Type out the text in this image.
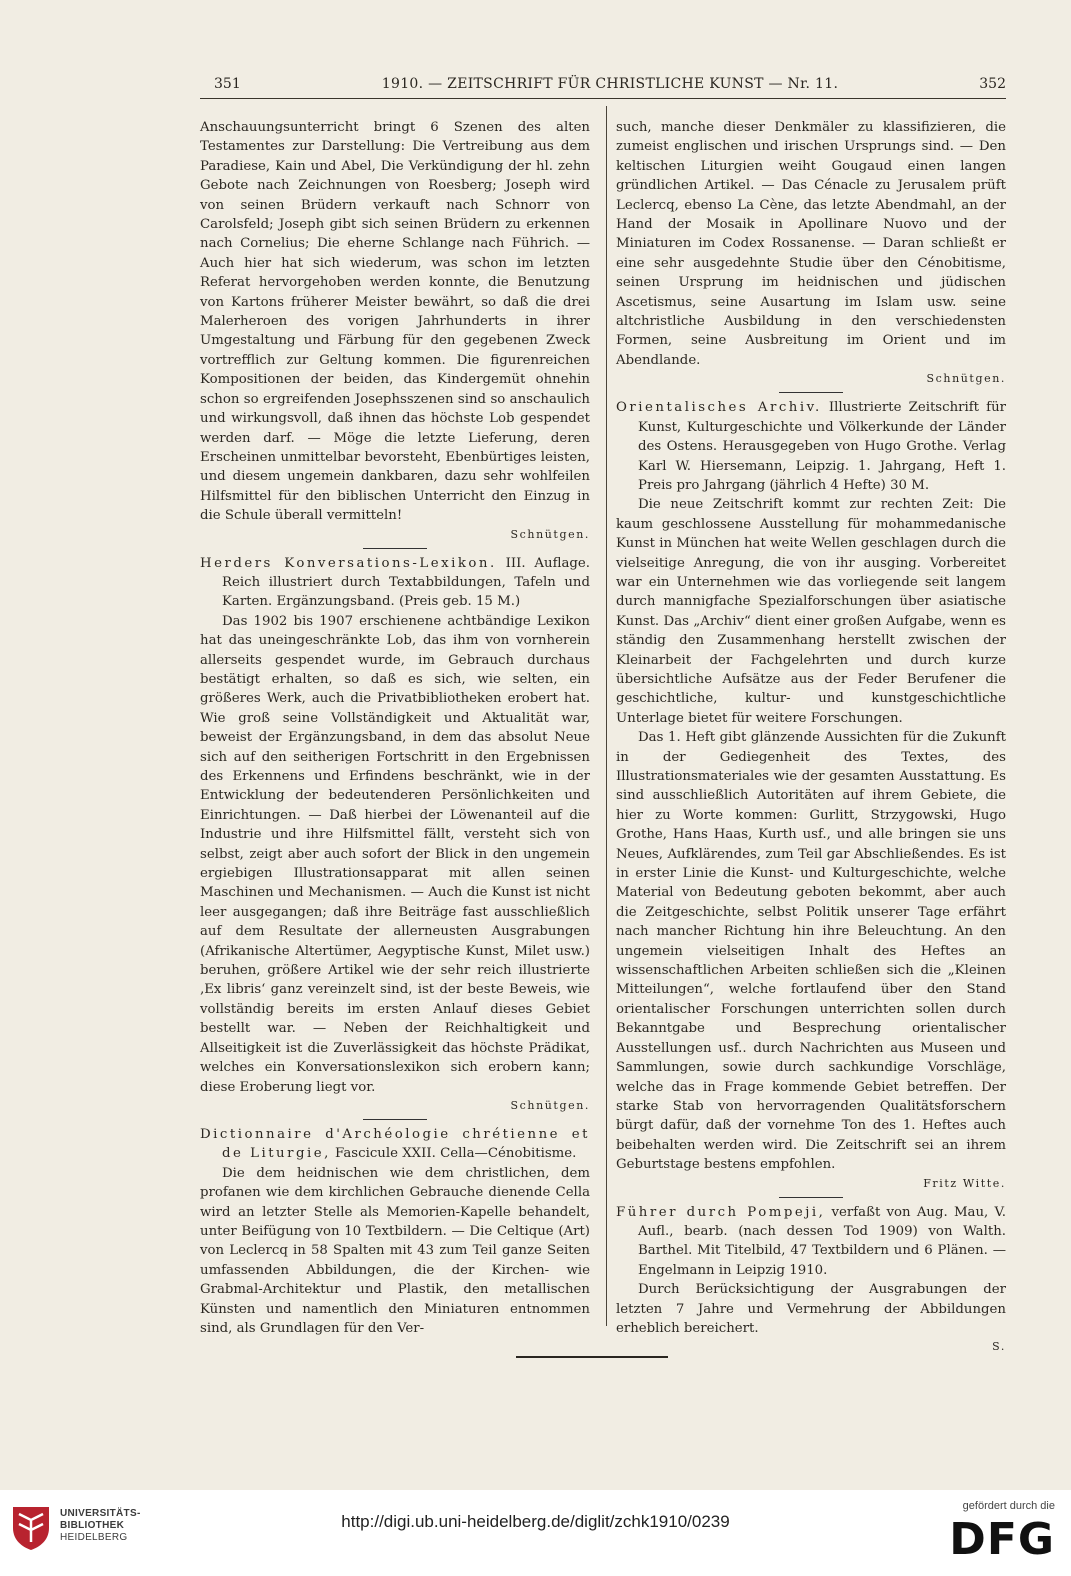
351	1910. — ZEITSCHRIFT FÜR CHRISTLICHE KUNST — Nr. 11.	352

Anschauungsunterricht bringt 6 Szenen des alten Testamentes zur Darstellung: Die Vertreibung aus dem Paradiese, Kain und Abel, Die Verkündigung der hl. zehn Gebote nach Zeichnungen von Roesberg; Joseph wird von seinen Brüdern verkauft nach Schnorr von Carolsfeld; Joseph gibt sich seinen Brüdern zu erkennen nach Cornelius; Die eherne Schlange nach Führich. — Auch hier hat sich wiederum, was schon im letzten Referat hervorgehoben werden konnte, die Benutzung von Kartons früherer Meister bewährt, so daß die drei Malerheroen des vorigen Jahrhunderts in ihrer Umgestaltung und Färbung für den gegebenen Zweck vortrefflich zur Geltung kommen. Die figurenreichen Kompositionen der beiden, das Kindergemüt ohnehin schon so ergreifenden Josephsszenen sind so anschaulich und wirkungsvoll, daß ihnen das höchste Lob gespendet werden darf. — Möge die letzte Lieferung, deren Erscheinen unmittelbar bevorsteht, Ebenbürtiges leisten, und diesem ungemein dankbaren, dazu sehr wohlfeilen Hilfsmittel für den biblischen Unterricht den Einzug in die Schule überall vermitteln!

Schnütgen.

Herders Konversations-Lexikon. III. Auflage. Reich illustriert durch Textabbildungen, Tafeln und Karten. Ergänzungsband. (Preis geb. 15 M.)

Das 1902 bis 1907 erschienene achtbändige Lexikon hat das uneingeschränkte Lob, das ihm von vornherein allerseits gespendet wurde, im Gebrauch durchaus bestätigt erhalten, so daß es sich, wie selten, ein größeres Werk, auch die Privatbibliotheken erobert hat. Wie groß seine Vollständigkeit und Aktualität war, beweist der Ergänzungsband, in dem das absolut Neue sich auf den seitherigen Fortschritt in den Ergebnissen des Erkennens und Erfindens beschränkt, wie in der Entwicklung der bedeutenderen Persönlichkeiten und Einrichtungen. — Daß hierbei der Löwenanteil auf die Industrie und ihre Hilfsmittel fällt, versteht sich von selbst, zeigt aber auch sofort der Blick in den ungemein ergiebigen Illustrationsapparat mit allen seinen Maschinen und Mechanismen. — Auch die Kunst ist nicht leer ausgegangen; daß ihre Beiträge fast ausschließlich auf dem Resultate der allerneusten Ausgrabungen (Afrikanische Altertümer, Aegyptische Kunst, Milet usw.) beruhen, größere Artikel wie der sehr reich illustrierte ‚Ex libris‘ ganz vereinzelt sind, ist der beste Beweis, wie vollständig bereits im ersten Anlauf dieses Gebiet bestellt war. — Neben der Reichhaltigkeit und Allseitigkeit ist die Zuverlässigkeit das höchste Prädikat, welches ein Konversationslexikon sich erobern kann; diese Eroberung liegt vor.

Schnütgen.

Dictionnaire d'Archéologie chrétienne et de Liturgie, Fascicule XXII. Cella—Cénobitisme.

Die dem heidnischen wie dem christlichen, dem profanen wie dem kirchlichen Gebrauche dienende Cella wird an letzter Stelle als Memorien-Kapelle behandelt, unter Beifügung von 10 Textbildern. — Die Celtique (Art) von Leclercq in 58 Spalten mit 43 zum Teil ganze Seiten umfassenden Abbildungen, die der Kirchen- wie Grabmal-Architektur und Plastik, den metallischen Künsten und namentlich den Miniaturen entnommen sind, als Grundlagen für den Ver-

such, manche dieser Denkmäler zu klassifizieren, die zumeist englischen und irischen Ursprungs sind. — Den keltischen Liturgien weiht Gougaud einen langen gründlichen Artikel. — Das Cénacle zu Jerusalem prüft Leclercq, ebenso La Cène, das letzte Abendmahl, an der Hand der Mosaik in Apollinare Nuovo und der Miniaturen im Codex Rossanense. — Daran schließt er eine sehr ausgedehnte Studie über den Cénobitisme, seinen Ursprung im heidnischen und jüdischen Ascetismus, seine Ausartung im Islam usw. seine altchristliche Ausbildung in den verschiedensten Formen, seine Ausbreitung im Orient und im Abendlande.

Schnütgen.

Orientalisches Archiv. Illustrierte Zeitschrift für Kunst, Kulturgeschichte und Völkerkunde der Länder des Ostens. Herausgegeben von Hugo Grothe. Verlag Karl W. Hiersemann, Leipzig. 1. Jahrgang, Heft 1. Preis pro Jahrgang (jährlich 4 Hefte) 30 M.

Die neue Zeitschrift kommt zur rechten Zeit: Die kaum geschlossene Ausstellung für mohammedanische Kunst in München hat weite Wellen geschlagen durch die vielseitige Anregung, die von ihr ausging. Vorbereitet war ein Unternehmen wie das vorliegende seit langem durch mannigfache Spezialforschungen über asiatische Kunst. Das „Archiv“ dient einer großen Aufgabe, wenn es ständig den Zusammenhang herstellt zwischen der Kleinarbeit der Fachgelehrten und durch kurze übersichtliche Aufsätze aus der Feder Berufener die geschichtliche, kultur- und kunstgeschichtliche Unterlage bietet für weitere Forschungen.

Das 1. Heft gibt glänzende Aussichten für die Zukunft in der Gediegenheit des Textes, des Illustrationsmateriales wie der gesamten Ausstattung. Es sind ausschließlich Autoritäten auf ihrem Gebiete, die hier zu Worte kommen: Gurlitt, Strzygowski, Hugo Grothe, Hans Haas, Kurth usf., und alle bringen sie uns Neues, Aufklärendes, zum Teil gar Abschließendes. Es ist in erster Linie die Kunst- und Kulturgeschichte, welche Material von Bedeutung geboten bekommt, aber auch die Zeitgeschichte, selbst Politik unserer Tage erfährt nach mancher Richtung hin ihre Beleuchtung. An den ungemein vielseitigen Inhalt des Heftes an wissenschaftlichen Arbeiten schließen sich die „Kleinen Mitteilungen“, welche fortlaufend über den Stand orientalischer Forschungen unterrichten sollen durch Bekanntgabe und Besprechung orientalischer Ausstellungen usf.. durch Nachrichten aus Museen und Sammlungen, sowie durch sachkundige Vorschläge, welche das in Frage kommende Gebiet betreffen. Der starke Stab von hervorragenden Qualitätsforschern bürgt dafür, daß der vornehme Ton des 1. Heftes auch beibehalten werden wird. Die Zeitschrift sei an ihrem Geburtstage bestens empfohlen.

Fritz Witte.

Führer durch Pompeji, verfaßt von Aug. Mau, V. Aufl., bearb. (nach dessen Tod 1909) von Walth. Barthel. Mit Titelbild, 47 Textbildern und 6 Plänen. — Engelmann in Leipzig 1910.

Durch Berücksichtigung der Ausgrabungen der letzten 7 Jahre und Vermehrung der Abbildungen erheblich bereichert.

S.

UNIVERSITÄTS-
BIBLIOTHEK
HEIDELBERG
http://digi.ub.uni-heidelberg.de/diglit/zchk1910/0239
gefördert durch die
DFG
